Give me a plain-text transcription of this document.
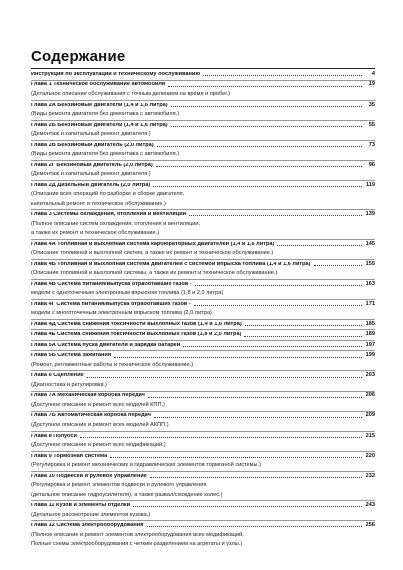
Содержание
Инструкция по эксплуатации и техническому обслуживанию	4
Глава 1 Техническое обслуживание автомобиля	19
(Детальное описание обслуживания с точным делением на время и пробег.)
Глава 2А Бензиновые двигатели (1,4 и 1,6 литра)	35
(Виды ремонта двигателя без демонтажа с автомобиля.)
Глава 2Б Бензиновые двигатели (1,4 и 1,6 литра)	55
(Демонтаж и капитальный ремонт двигателя.)
Глава 2В Бензиновый двигатель (2,0 литра)	73
(Виды ремонта двигателя без демонтажа с автомобиля.)
Глава 2Г Бензиновый двигатель (2,0 литра)	96
(Демонтаж и капитальный ремонт двигателя.)
Глава 2Д Дизельный двигатель (2,0 литра)	119
(Описание всех операций по разборке и сборке двигателя,
капитальный ремонт и техническое обслуживание.)
Глава 3 Системы охлаждения, отопления и вентиляции	139
(Полное описание систем охлаждения, отопления и вентиляции,
а также их ремонт и техническое обслуживание.)
Глава 4А Топливная и выхлопная система карбюраторных двигателей (1,4 и 1,6 литра)	145
(Описание топливной и выхлопной систем, а также их ремонт и техническое обслуживание.)
Глава 4Б Топливная и выхлопная система двигателей с системой впрыска топлива (1,4 и 1,6 литра)	155
(Описание топливной и выхлопной системы, а также их ремонт и техническое обслуживание.)
Глава 4В Система питания/выпуска отработавших газов -	163
модели с одноточечным электронным впрыском топлива (1,8 и 2,0 литра)
Глава 4Г Система питания/выпуска отработавших газов -	171
модели с многоточечным электронным впрыском топлива (2,0 литра)
Глава 4Д Система снижения токсичности выхлопных газов (1,4 и 1,6 литра)	185
Глава 4Е Система снижения токсичности выхлопных газов (1,8 и 2,0 литра)	189
Глава 5А Система пуска двигателя и зарядка батареи	197
Глава 5Б Система зажигания	199
(Ремонт, регламентные работы и техническое обслуживание.)
Глава 6 Сцепление	203
(Диагностика и регулировки.)
Глава 7А Механическая коробка передач	206
(Доступное описание и ремонт всех моделей КПП.)
Глава 7Б Автоматическая коробка передач	209
(Доступное описание и ремонт всех моделей АКПП.)
Глава 8 Полуоси	215
(Доступное описание и ремонт всех модификаций.)
Глава 9 Тормозная система	220
(Регулировка и ремонт механических и гидравлических элементов тормозной системы.)
Глава 10 Подвески и рулевое управление	232
(Регулировка и ремонт элементов подвески и рулевого управления
(детальное описание гидроусилителя), а также развал/схождение колес.)
Глава 11 Кузов и элементы отделки	243
(Детальное рассмотрение элементов кузова.)
Глава 12 Система электрооборудования	256
(Полное описание и ремонт элементов электрооборудования всех модификаций.
Полные схемы электрооборудования с четким разделением на агрегаты и узлы.)
